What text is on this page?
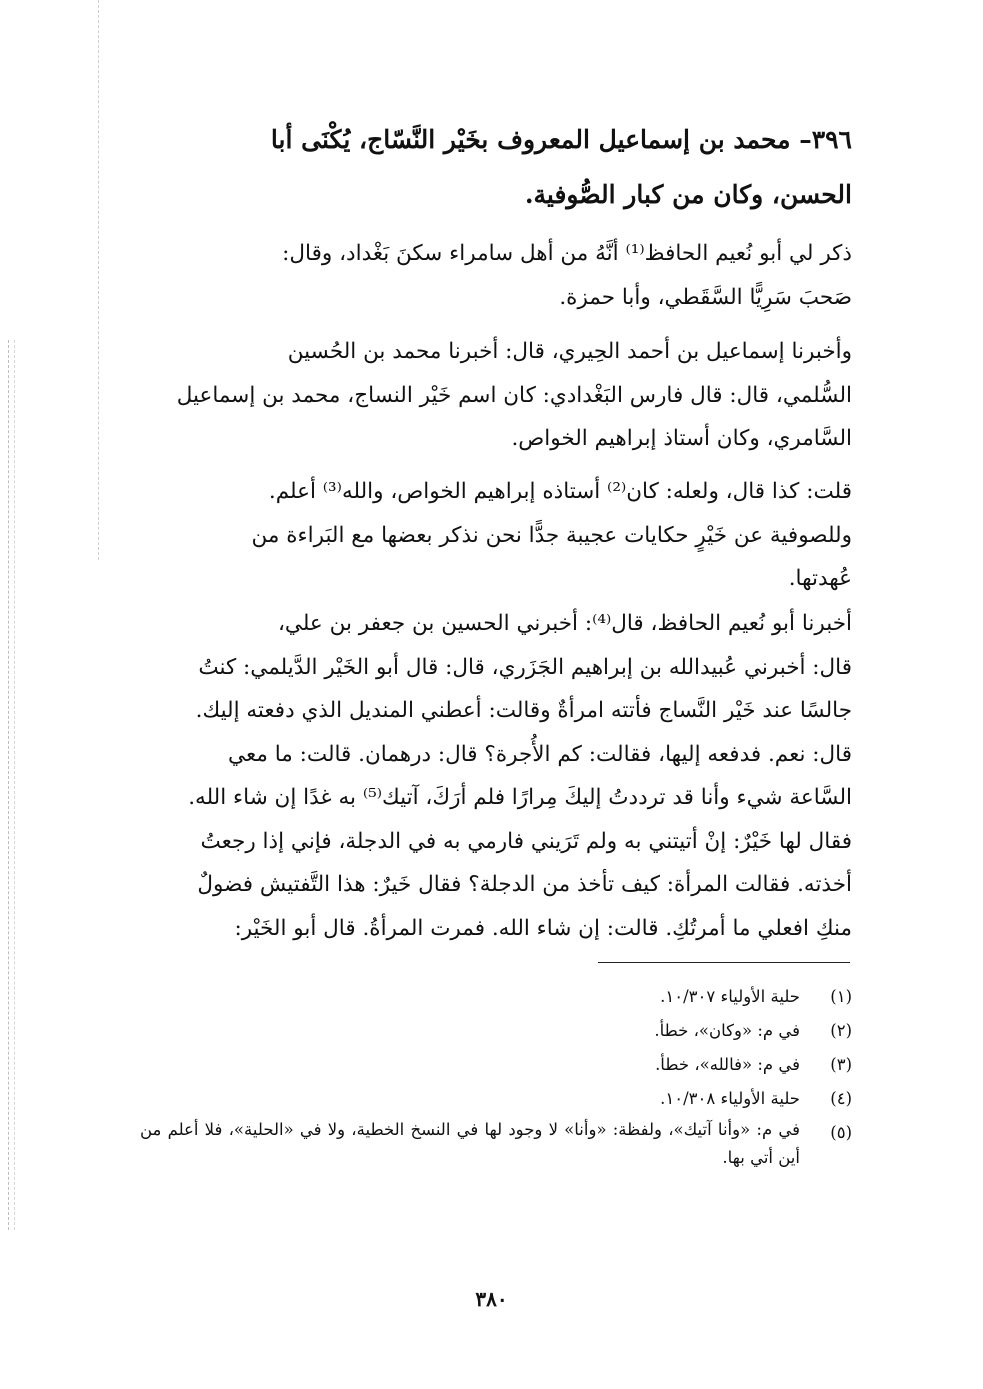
٣٩٦– محمد بن إسماعيل المعروف بخَيْر النَّسّاج، يُكْنَى أبا
الحسن، وكان من كبار الصُّوفية.
ذكر لي أبو نُعيم الحافظ⁽¹⁾ أنَّهُ من أهل سامراء سكنَ بَغْداد، وقال:
صَحبَ سَرِيًّا السَّقَطي، وأبا حمزة.
وأخبرنا إسماعيل بن أحمد الحِيري، قال: أخبرنا محمد بن الحُسين
السُّلمي، قال: قال فارس البَغْدادي: كان اسم خَيْر النساج، محمد بن إسماعيل
السَّامري، وكان أستاذ إبراهيم الخواص.
قلت: كذا قال، ولعله: كان⁽²⁾ أستاذه إبراهيم الخواص، والله⁽³⁾ أعلم.
وللصوفية عن خَيْرٍ حكايات عجيبة جدًّا نحن نذكر بعضها مع البَراءة من
عُهدتها.
أخبرنا أبو نُعيم الحافظ، قال⁽⁴⁾: أخبرني الحسين بن جعفر بن علي،
قال: أخبرني عُبيدالله بن إبراهيم الجَزَري، قال: قال أبو الخَيْر الدَّيلمي: كنتُ
جالسًا عند خَيْر النَّساج فأتته امرأةٌ وقالت: أعطني المنديل الذي دفعته إليك.
قال: نعم. فدفعه إليها، فقالت: كم الأُجرة؟ قال: درهمان. قالت: ما معي
السَّاعة شيء وأنا قد ترددتُ إليكَ مِرارًا فلم أرَكَ، آتيك⁽⁵⁾ به غدًا إن شاء الله.
فقال لها خَيْرٌ: إنْ أتيتني به ولم تَرَيني فارمي به في الدجلة، فإني إذا رجعتُ
أخذته. فقالت المرأة: كيف تأخذ من الدجلة؟ فقال خَيرٌ: هذا التَّفتيش فضولٌ
منكِ افعلي ما أمرتُكِ. قالت: إن شاء الله. فمرت المرأةُ. قال أبو الخَيْر:
(١)
حلية الأولياء ١٠/٣٠٧.
(٢)
في م: «وكان»، خطأ.
(٣)
في م: «فالله»، خطأ.
(٤)
حلية الأولياء ١٠/٣٠٨.
(٥)
في م: «وأنا آتيك»، ولفظة: «وأنا» لا وجود لها في النسخ الخطية، ولا في «الحلية»، فلا أعلم من أين أتي بها.
٣٨٠
